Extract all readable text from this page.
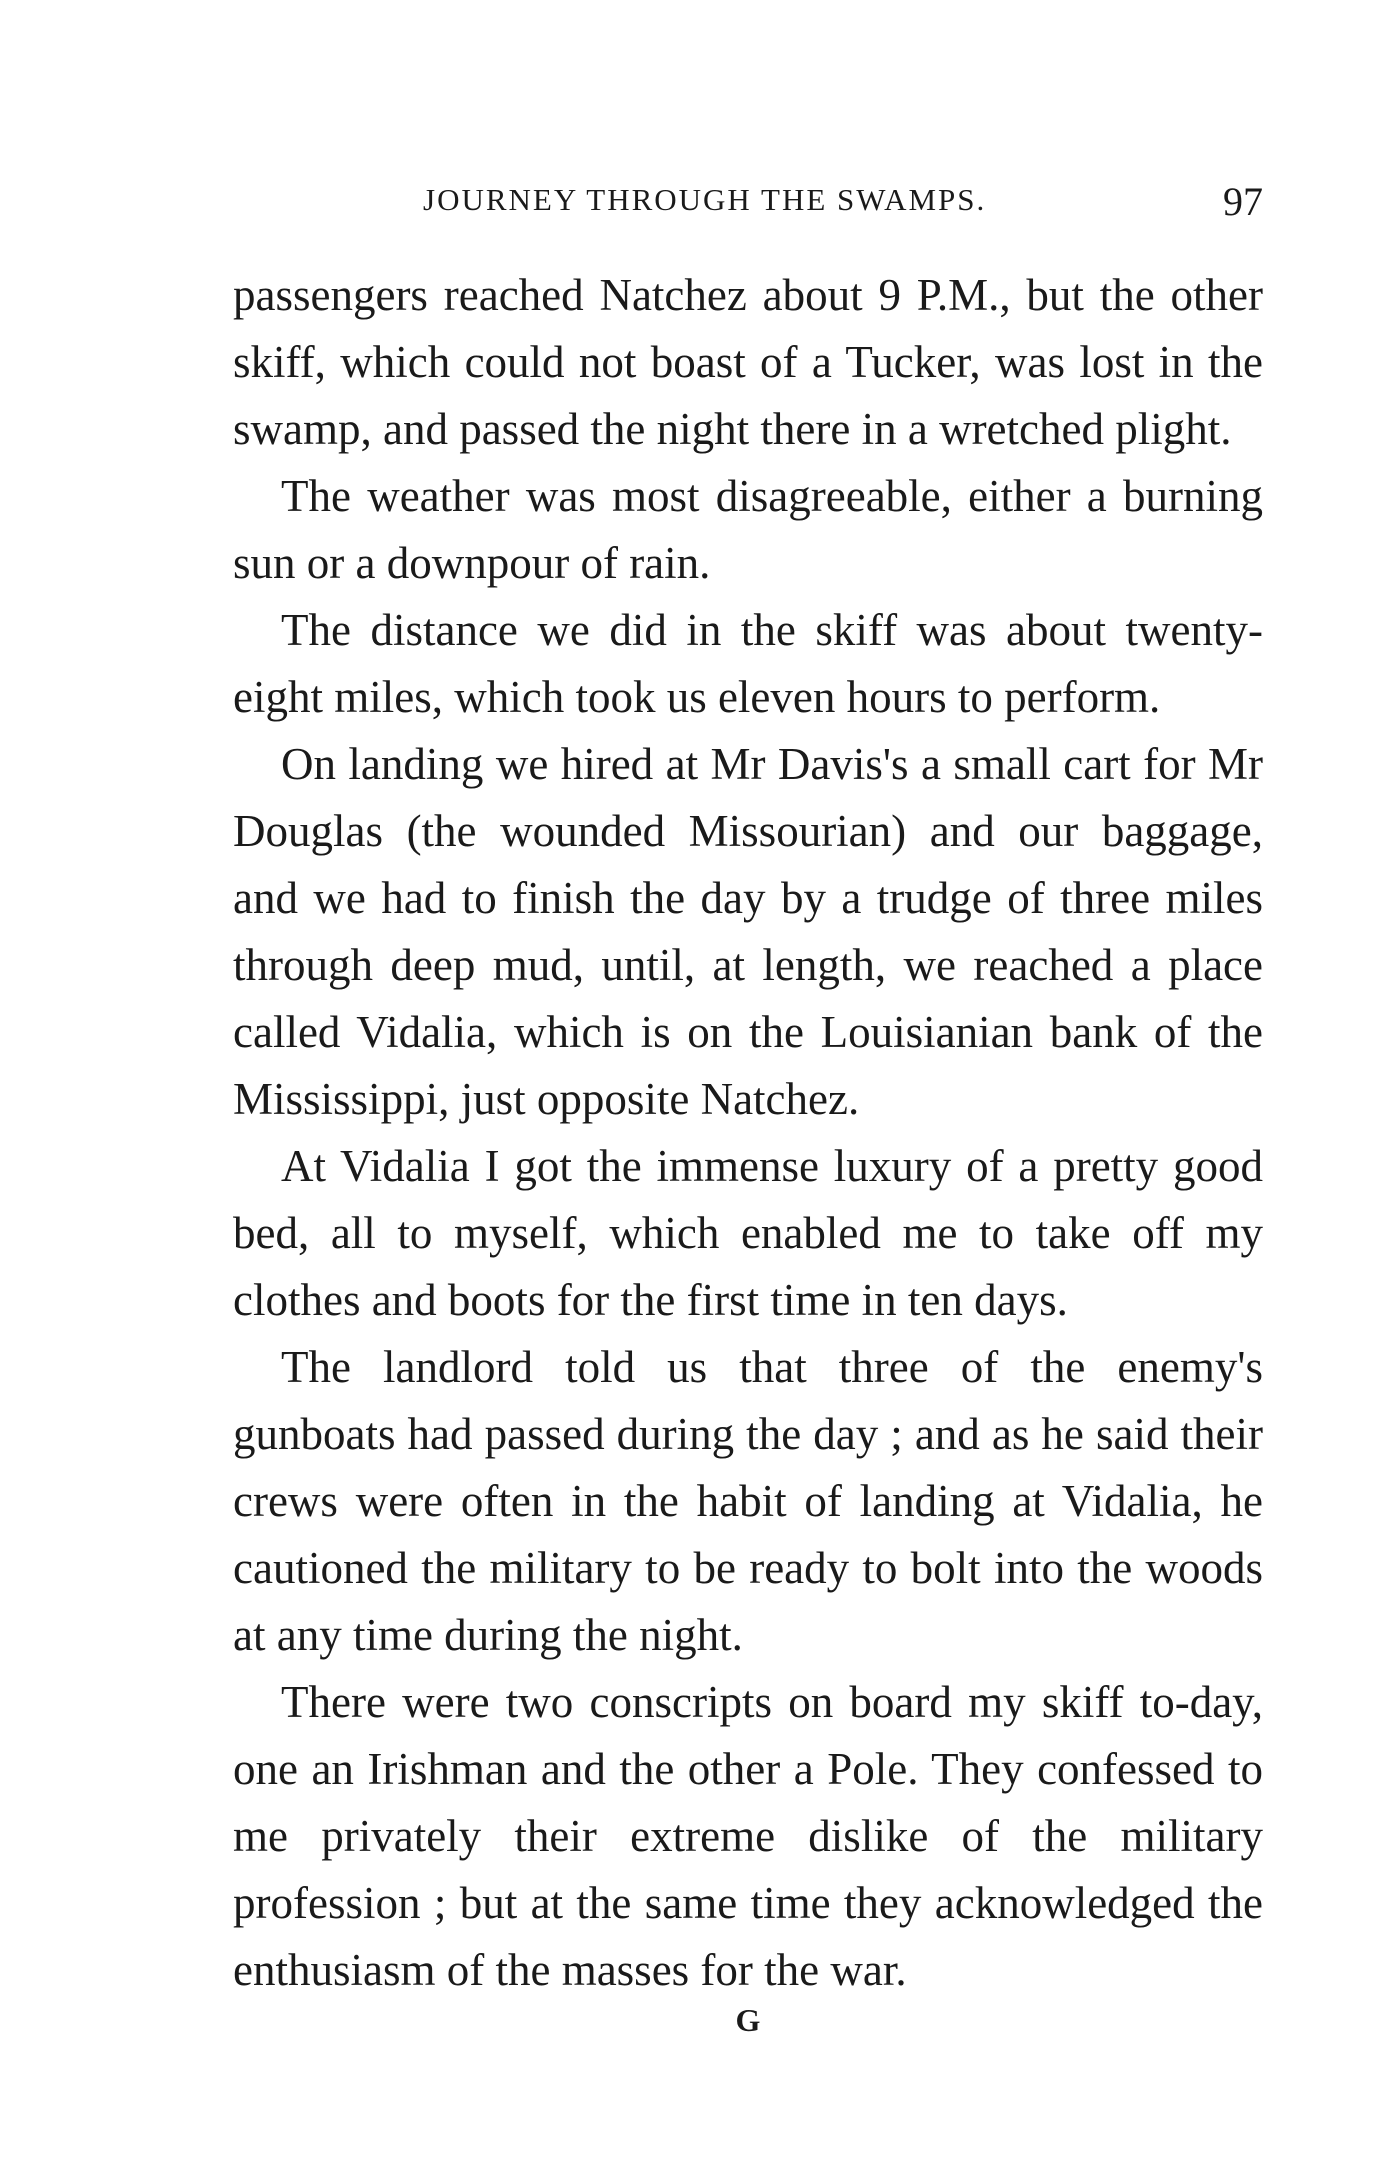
JOURNEY THROUGH THE SWAMPS.	97

passengers reached Natchez about 9 P.M., but the other skiff, which could not boast of a Tucker, was lost in the swamp, and passed the night there in a wretched plight.

The weather was most disagreeable, either a burning sun or a downpour of rain.

The distance we did in the skiff was about twenty-eight miles, which took us eleven hours to perform.

On landing we hired at Mr Davis's a small cart for Mr Douglas (the wounded Missourian) and our baggage, and we had to finish the day by a trudge of three miles through deep mud, until, at length, we reached a place called Vidalia, which is on the Louisianian bank of the Mississippi, just opposite Natchez.

At Vidalia I got the immense luxury of a pretty good bed, all to myself, which enabled me to take off my clothes and boots for the first time in ten days.

The landlord told us that three of the enemy's gunboats had passed during the day ; and as he said their crews were often in the habit of landing at Vidalia, he cautioned the military to be ready to bolt into the woods at any time during the night.

There were two conscripts on board my skiff to-day, one an Irishman and the other a Pole. They confessed to me privately their extreme dislike of the military profession ; but at the same time they acknowledged the enthusiasm of the masses for the war.

G
